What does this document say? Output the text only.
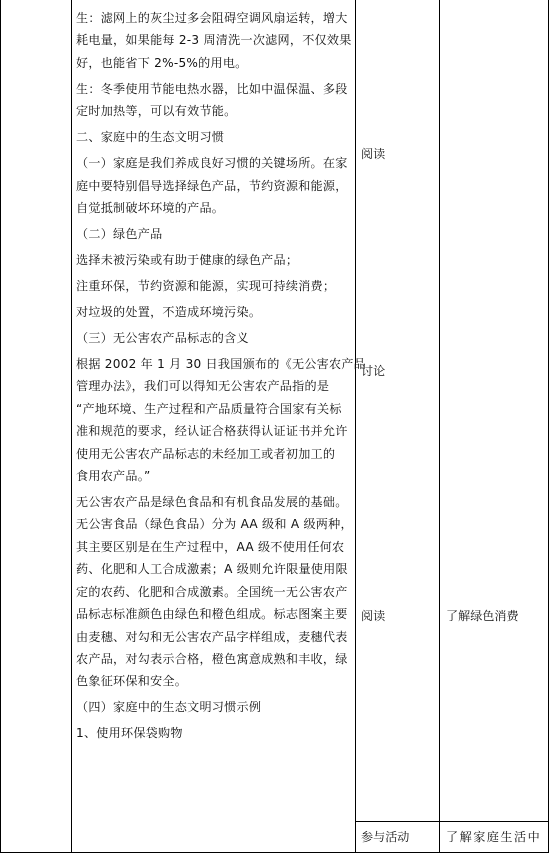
生：滤网上的灰尘过多会阻碍空调风扇运转，增大
耗电量，如果能每 2-3 周清洗一次滤网，不仅效果
好，也能省下 2%-5%的用电。
生：冬季使用节能电热水器，比如中温保温、多段
定时加热等，可以有效节能。
二、家庭中的生态文明习惯
（一）家庭是我们养成良好习惯的关键场所。在家
庭中要特别倡导选择绿色产品，节约资源和能源，
自觉抵制破坏环境的产品。
（二）绿色产品
选择未被污染或有助于健康的绿色产品；
注重环保，节约资源和能源，实现可持续消费；
对垃圾的处置，不造成环境污染。
（三）无公害农产品标志的含义
根据 2002 年 1 月 30 日我国颁布的《无公害农产品
管理办法》，我们可以得知无公害农产品指的是
“产地环境、生产过程和产品质量符合国家有关标
准和规范的要求，经认证合格获得认证证书并允许
使用无公害农产品标志的未经加工或者初加工的
食用农产品。”
无公害农产品是绿色食品和有机食品发展的基础。
无公害食品（绿色食品）分为 AA 级和 A 级两种，
其主要区别是在生产过程中，AA 级不使用任何农
药、化肥和人工合成激素；A 级则允许限量使用限
定的农药、化肥和合成激素。全国统一无公害农产
品标志标准颜色由绿色和橙色组成。标志图案主要
由麦穗、对勾和无公害农产品字样组成，麦穗代表
农产品，对勾表示合格，橙色寓意成熟和丰收，绿
色象征环保和安全。
（四）家庭中的生态文明习惯示例
1、使用环保袋购物
阅读
讨论
阅读	了解绿色消费
参与活动	了解家庭生活中
